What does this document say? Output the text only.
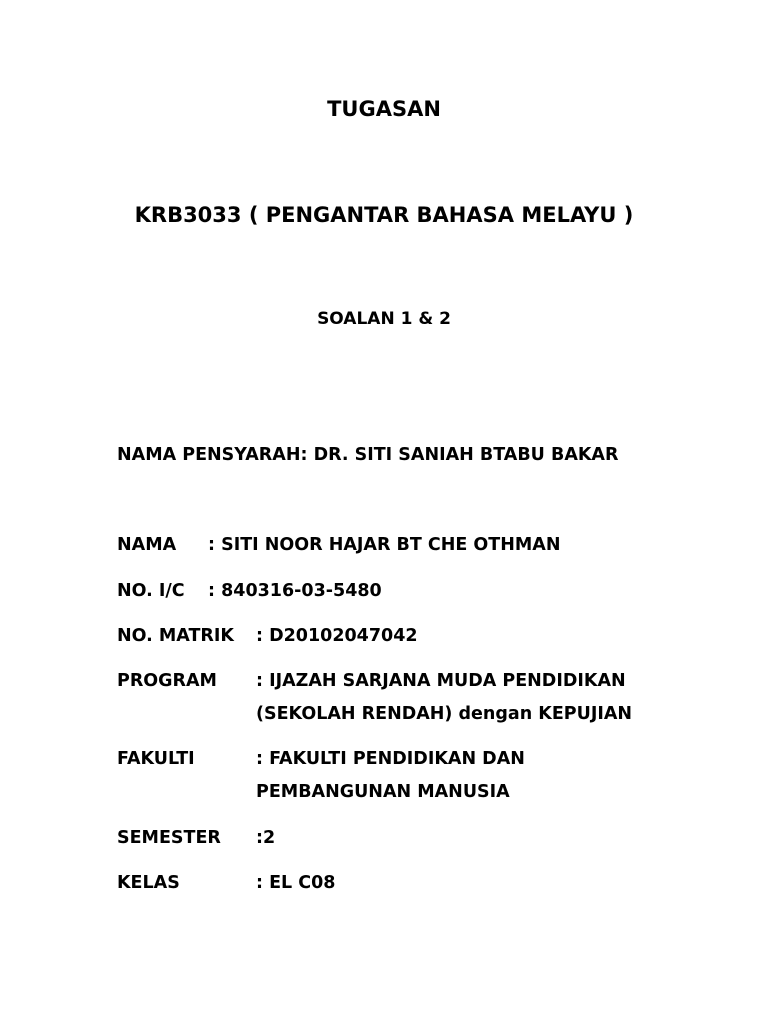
TUGASAN
KRB3033 ( PENGANTAR BAHASA MELAYU )
SOALAN 1 & 2
NAMA PENSYARAH: DR. SITI SANIAH BTABU BAKAR
NAMA : SITI NOOR HAJAR BT CHE OTHMAN
NO. I/C : 840316-03-5480
NO. MATRIK : D20102047042
PROGRAM : IJAZAH SARJANA MUDA PENDIDIKAN
(SEKOLAH RENDAH) dengan KEPUJIAN
FAKULTI	: FAKULTI PENDIDIKAN DAN
PEMBANGUNAN MANUSIA
SEMESTER :2
KELAS	: EL C08
